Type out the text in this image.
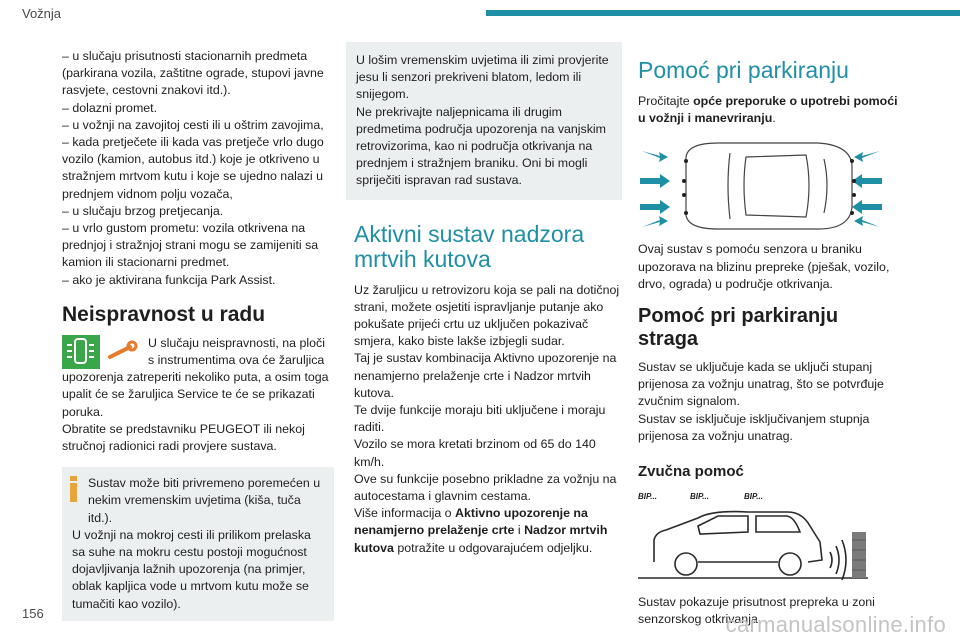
Vožnja
– u slučaju prisutnosti stacionarnih predmeta (parkirana vozila, zaštitne ograde, stupovi javne rasvjete, cestovni znakovi itd.).
– dolazni promet.
– u vožnji na zavojitoj cesti ili u oštrim zavojima,
– kada pretječete ili kada vas pretječe vrlo dugo vozilo (kamion, autobus itd.) koje je otkriveno u stražnjem mrtvom kutu i koje se ujedno nalazi u prednjem vidnom polju vozača,
– u slučaju brzog pretjecanja.
– u vrlo gustom prometu: vozila otkrivena na prednjoj i stražnjoj strani mogu se zamijeniti sa kamion ili stacionarni predmet.
– ako je aktivirana funkcija Park Assist.
Neispravnost u radu

U slučaju neispravnosti, na ploči s instrumentima ova će žaruljica upozorenja zatreperiti nekoliko puta, a osim toga upalit će se žaruljica Service te će se prikazati poruka.

Obratite se predstavniku PEUGEOT ili nekoj stručnoj radionici radi provjere sustava.

Sustav može biti privremeno poremećen u nekim vremenskim uvjetima (kiša, tuča itd.).

U vožnji na mokroj cesti ili prilikom prelaska sa suhe na mokru cestu postoji mogućnost dojavljivanja lažnih upozorenja (na primjer, oblak kapljica vode u mrtvom kutu može se tumačiti kao vozilo).

U lošim vremenskim uvjetima ili zimi provjerite jesu li senzori prekriveni blatom, ledom ili snijegom.

Ne prekrivajte naljepnicama ili drugim predmetima područja upozorenja na vanjskim retrovizorima, kao ni područja otkrivanja na prednjem i stražnjem braniku. Oni bi mogli spriječiti ispravan rad sustava.

Aktivni sustav nadzora mrtvih kutova

Uz žaruljicu u retrovizoru koja se pali na dotičnoj strani, možete osjetiti ispravljanje putanje ako pokušate prijeći crtu uz uključen pokazivač smjera, kako biste lakše izbjegli sudar.

Taj je sustav kombinacija Aktivno upozorenje na nenamjerno prelaženje crte i Nadzor mrtvih kutova.

Te dvije funkcije moraju biti uključene i moraju raditi.

Vozilo se mora kretati brzinom od 65 do 140 km/h.

Ove su funkcije posebno prikladne za vožnju na autocestama i glavnim cestama.

Više informacija o Aktivno upozorenje na nenamjerno prelaženje crte i Nadzor mrtvih kutova potražite u odgovarajućem odjeljku.

Pomoć pri parkiranju

Pročitajte opće preporuke o upotrebi pomoći u vožnji i manevriranju.

Ovaj sustav s pomoću senzora u braniku upozorava na blizinu prepreke (pješak, vozilo, drvo, ograda) u područje otkrivanja.

Pomoć pri parkiranju straga

Sustav se uključuje kada se uključi stupanj prijenosa za vožnju unatrag, što se potvrđuje zvučnim signalom.

Sustav se isključuje isključivanjem stupnja prijenosa za vožnju unatrag.

Zvučna pomoć
BIP...	BIP...	BIP...

Sustav pokazuje prisutnost prepreka u zoni senzorskog otkrivanja.

156	carmanualsonline.info
